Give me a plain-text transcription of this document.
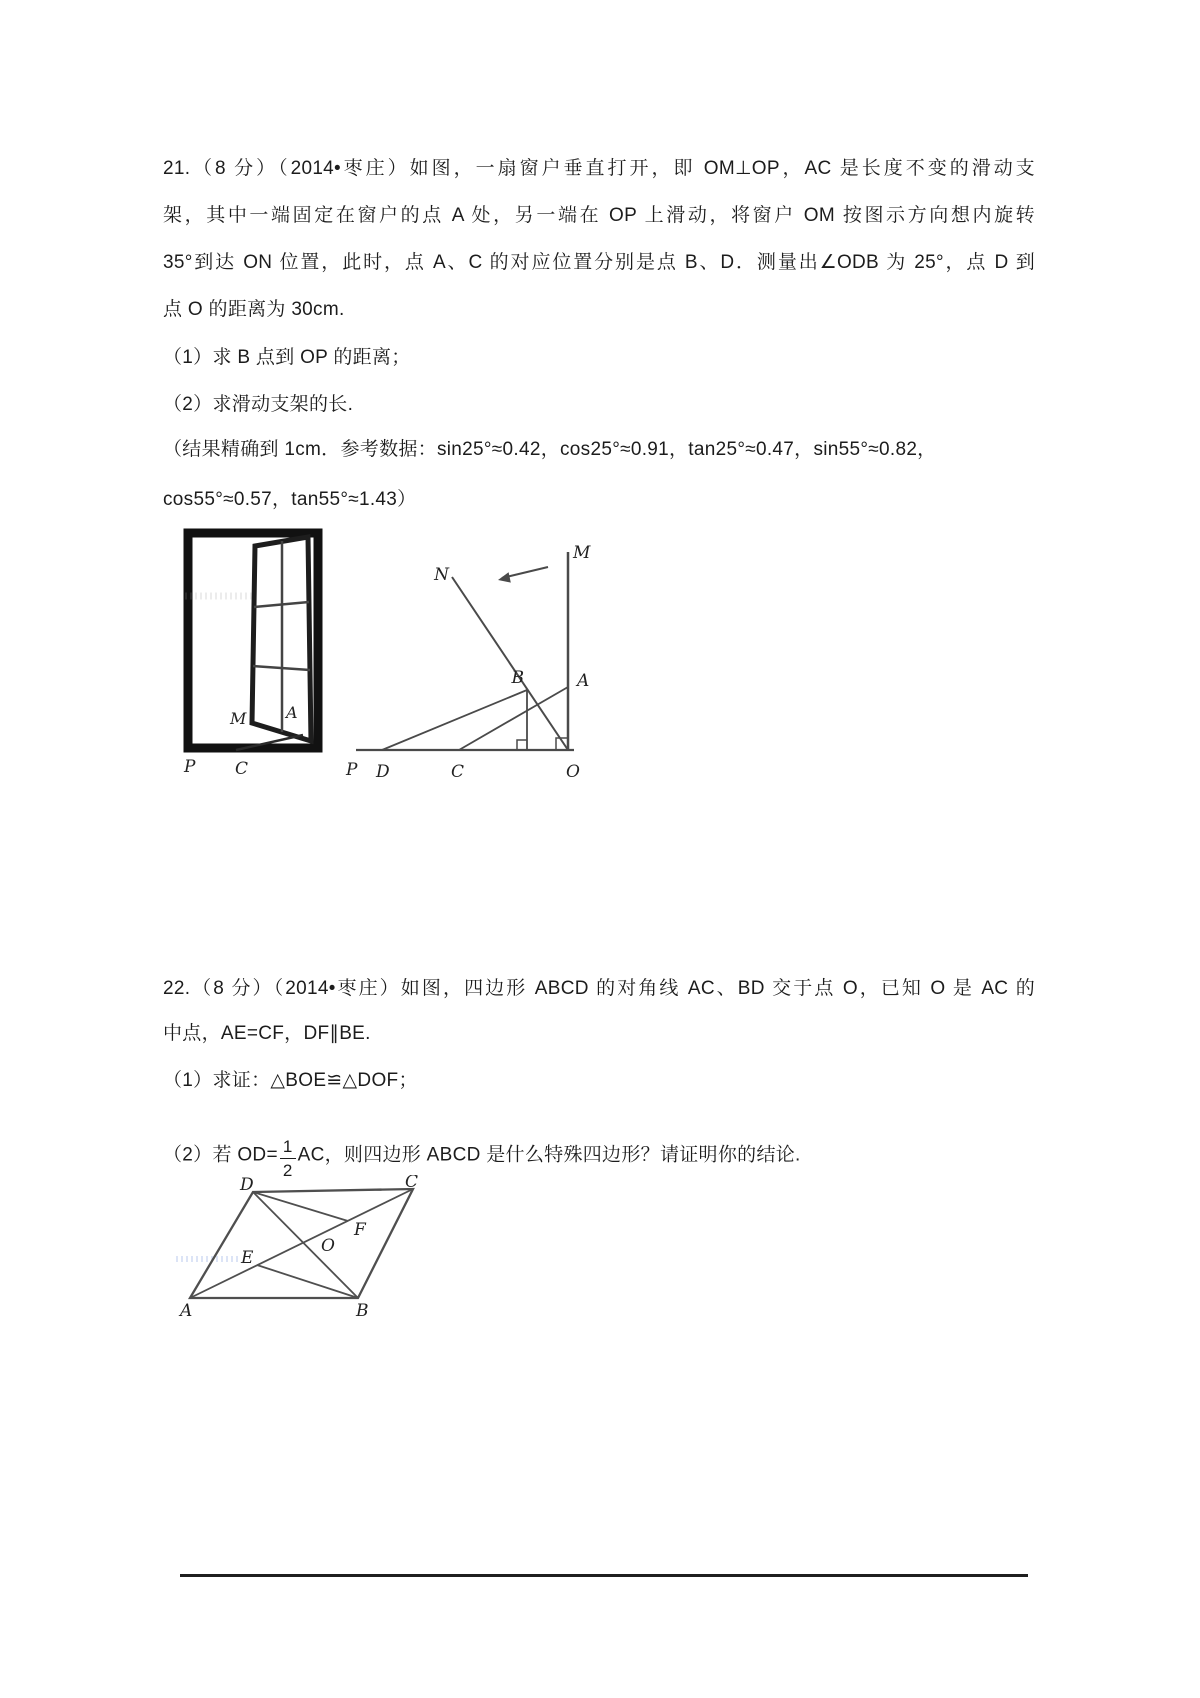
21.（8 分）（2014•枣庄）如图，一扇窗户垂直打开，即 OM⊥OP，AC 是长度不变的滑动支
架，其中一端固定在窗户的点 A 处，另一端在 OP 上滑动，将窗户 OM 按图示方向想内旋转
35°到达 ON 位置，此时，点 A、C 的对应位置分别是点 B、D．测量出∠ODB 为 25°，点 D 到
点 O 的距离为 30cm.
（1）求 B 点到 OP 的距离；
（2）求滑动支架的长.
（结果精确到 1cm．参考数据：sin25°≈0.42，cos25°≈0.91，tan25°≈0.47，sin55°≈0.82，
cos55°≈0.57，tan55°≈1.43）
M A
P C
M
N
B	A
P D	C	O
22.（8 分）（2014•枣庄）如图，四边形 ABCD 的对角线 AC、BD 交于点 O，已知 O 是 AC 的
中点，AE=CF，DF∥BE.
（1）求证：△BOE≌△DOF；
（2）若 $OD= \frac{1}{2}$ AC，则四边形 ABCD 是什么特殊四边形？请证明你的结论.
D	C
A	B
O
E
F
